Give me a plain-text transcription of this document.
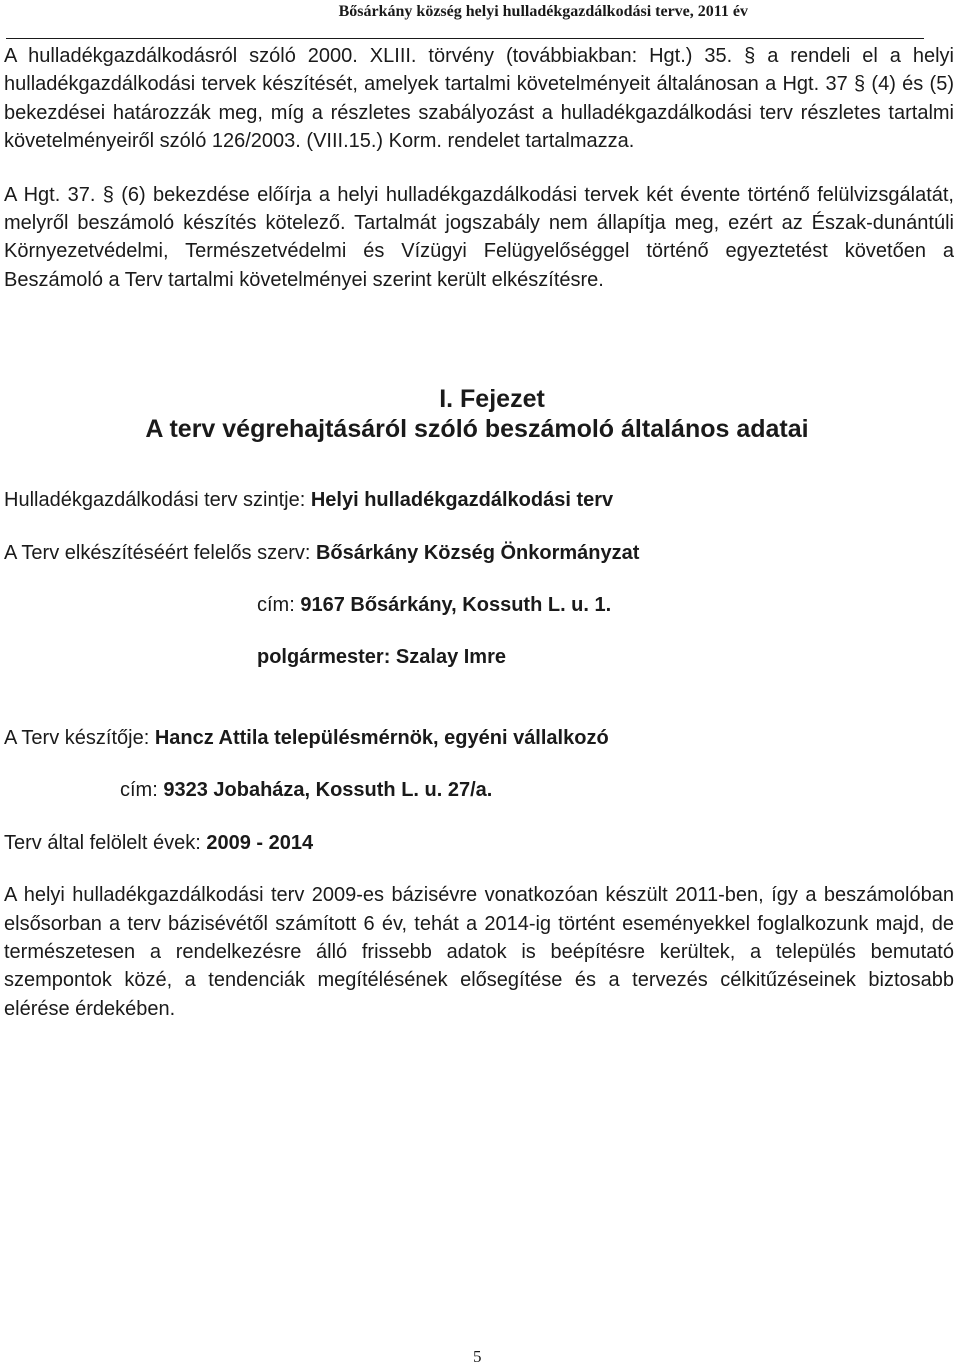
Bősárkány község helyi hulladékgazdálkodási terve, 2011 év

A hulladékgazdálkodásról szóló 2000. XLIII. törvény (továbbiakban: Hgt.) 35. § a rendeli el a helyi hulladékgazdálkodási tervek készítését, amelyek tartalmi követelményeit általánosan a Hgt. 37 § (4) és (5) bekezdései határozzák meg, míg a részletes szabályozást a hulladékgazdálkodási terv részletes tartalmi követelményeiről szóló 126/2003. (VIII.15.) Korm. rendelet tartalmazza.

A Hgt. 37. § (6) bekezdése előírja a helyi hulladékgazdálkodási tervek két évente történő felülvizsgálatát, melyről beszámoló készítés kötelező. Tartalmát jogszabály nem állapítja meg, ezért az Észak-dunántúli Környezetvédelmi, Természetvédelmi és Vízügyi Felügyelőséggel történő egyeztetést követően a Beszámoló a Terv tartalmi követelményei szerint került elkészítésre.

I. Fejezet
A terv végrehajtásáról szóló beszámoló általános adatai

Hulladékgazdálkodási terv szintje: Helyi hulladékgazdálkodási terv

A Terv elkészítéséért felelős szerv: Bősárkány Község Önkormányzat

cím: 9167 Bősárkány, Kossuth L. u. 1.

polgármester: Szalay Imre

A Terv készítője: Hancz Attila településmérnök, egyéni vállalkozó

cím: 9323 Jobaháza, Kossuth L. u. 27/a.

Terv által felölelt évek: 2009 - 2014

A helyi hulladékgazdálkodási terv 2009-es bázisévre vonatkozóan készült 2011-ben, így a beszámolóban elsősorban a terv bázisévétől számított 6 év, tehát a 2014-ig történt eseményekkel foglalkozunk majd, de természetesen a rendelkezésre álló frissebb adatok is beépítésre kerültek, a település bemutató szempontok közé, a tendenciák megítélésének elősegítése és a tervezés célkitűzéseinek biztosabb elérése érdekében.

5
